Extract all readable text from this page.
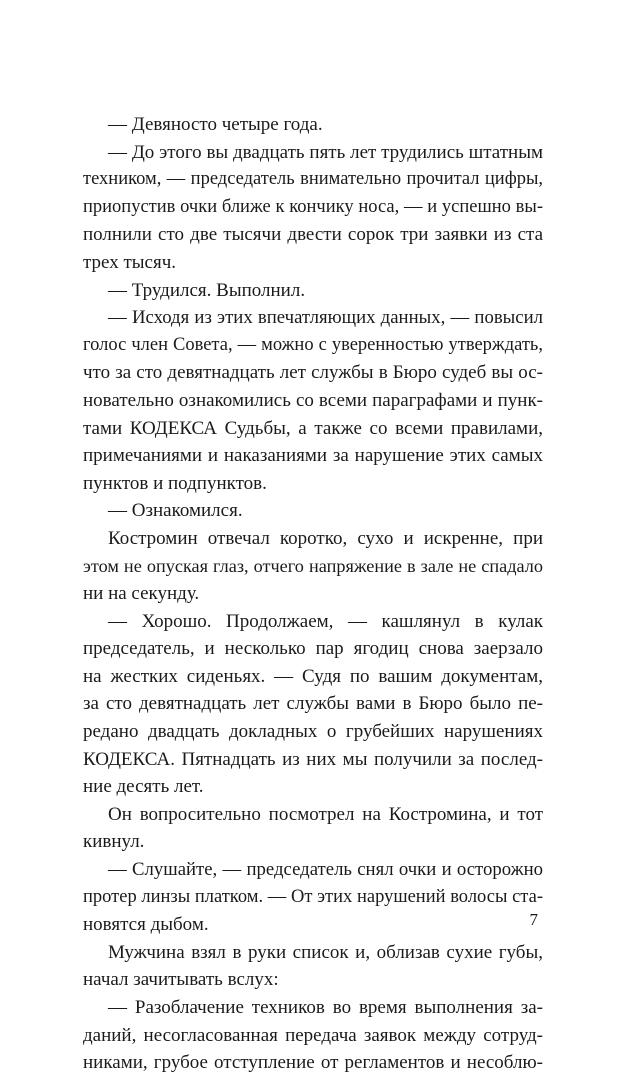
— Девяносто четыре года.
— До этого вы двадцать пять лет трудились штатным
техником, — председатель внимательно прочитал цифры,
приопустив очки ближе к кончику носа, — и успешно вы-
полнили сто две тысячи двести сорок три заявки из ста
трех тысяч.
— Трудился. Выполнил.
— Исходя из этих впечатляющих данных, — повысил
голос член Совета, — можно с уверенностью утверждать,
что за сто девятнадцать лет службы в Бюро судеб вы ос-
новательно ознакомились со всеми параграфами и пунк-
тами КОДЕКСА Судьбы, а также со всеми правилами,
примечаниями и наказаниями за нарушение этих самых
пунктов и подпунктов.
— Ознакомился.
Костромин отвечал коротко, сухо и искренне, при
этом не опуская глаз, отчего напряжение в зале не спадало
ни на секунду.
— Хорошо. Продолжаем, — кашлянул в кулак
председатель, и несколько пар ягодиц снова заерзало
на жестких сиденьях. — Судя по вашим документам,
за сто девятнадцать лет службы вами в Бюро было пе-
редано двадцать докладных о грубейших нарушениях
КОДЕКСА. Пятнадцать из них мы получили за послед-
ние десять лет.
Он вопросительно посмотрел на Костромина, и тот
кивнул.
— Слушайте, — председатель снял очки и осторожно
протер линзы платком. — От этих нарушений волосы ста-
новятся дыбом.
Мужчина взял в руки список и, облизав сухие губы,
начал зачитывать вслух:
— Разоблачение техников во время выполнения за-
даний, несогласованная передача заявок между сотруд-
никами, грубое отступление от регламентов и несоблю-
7
